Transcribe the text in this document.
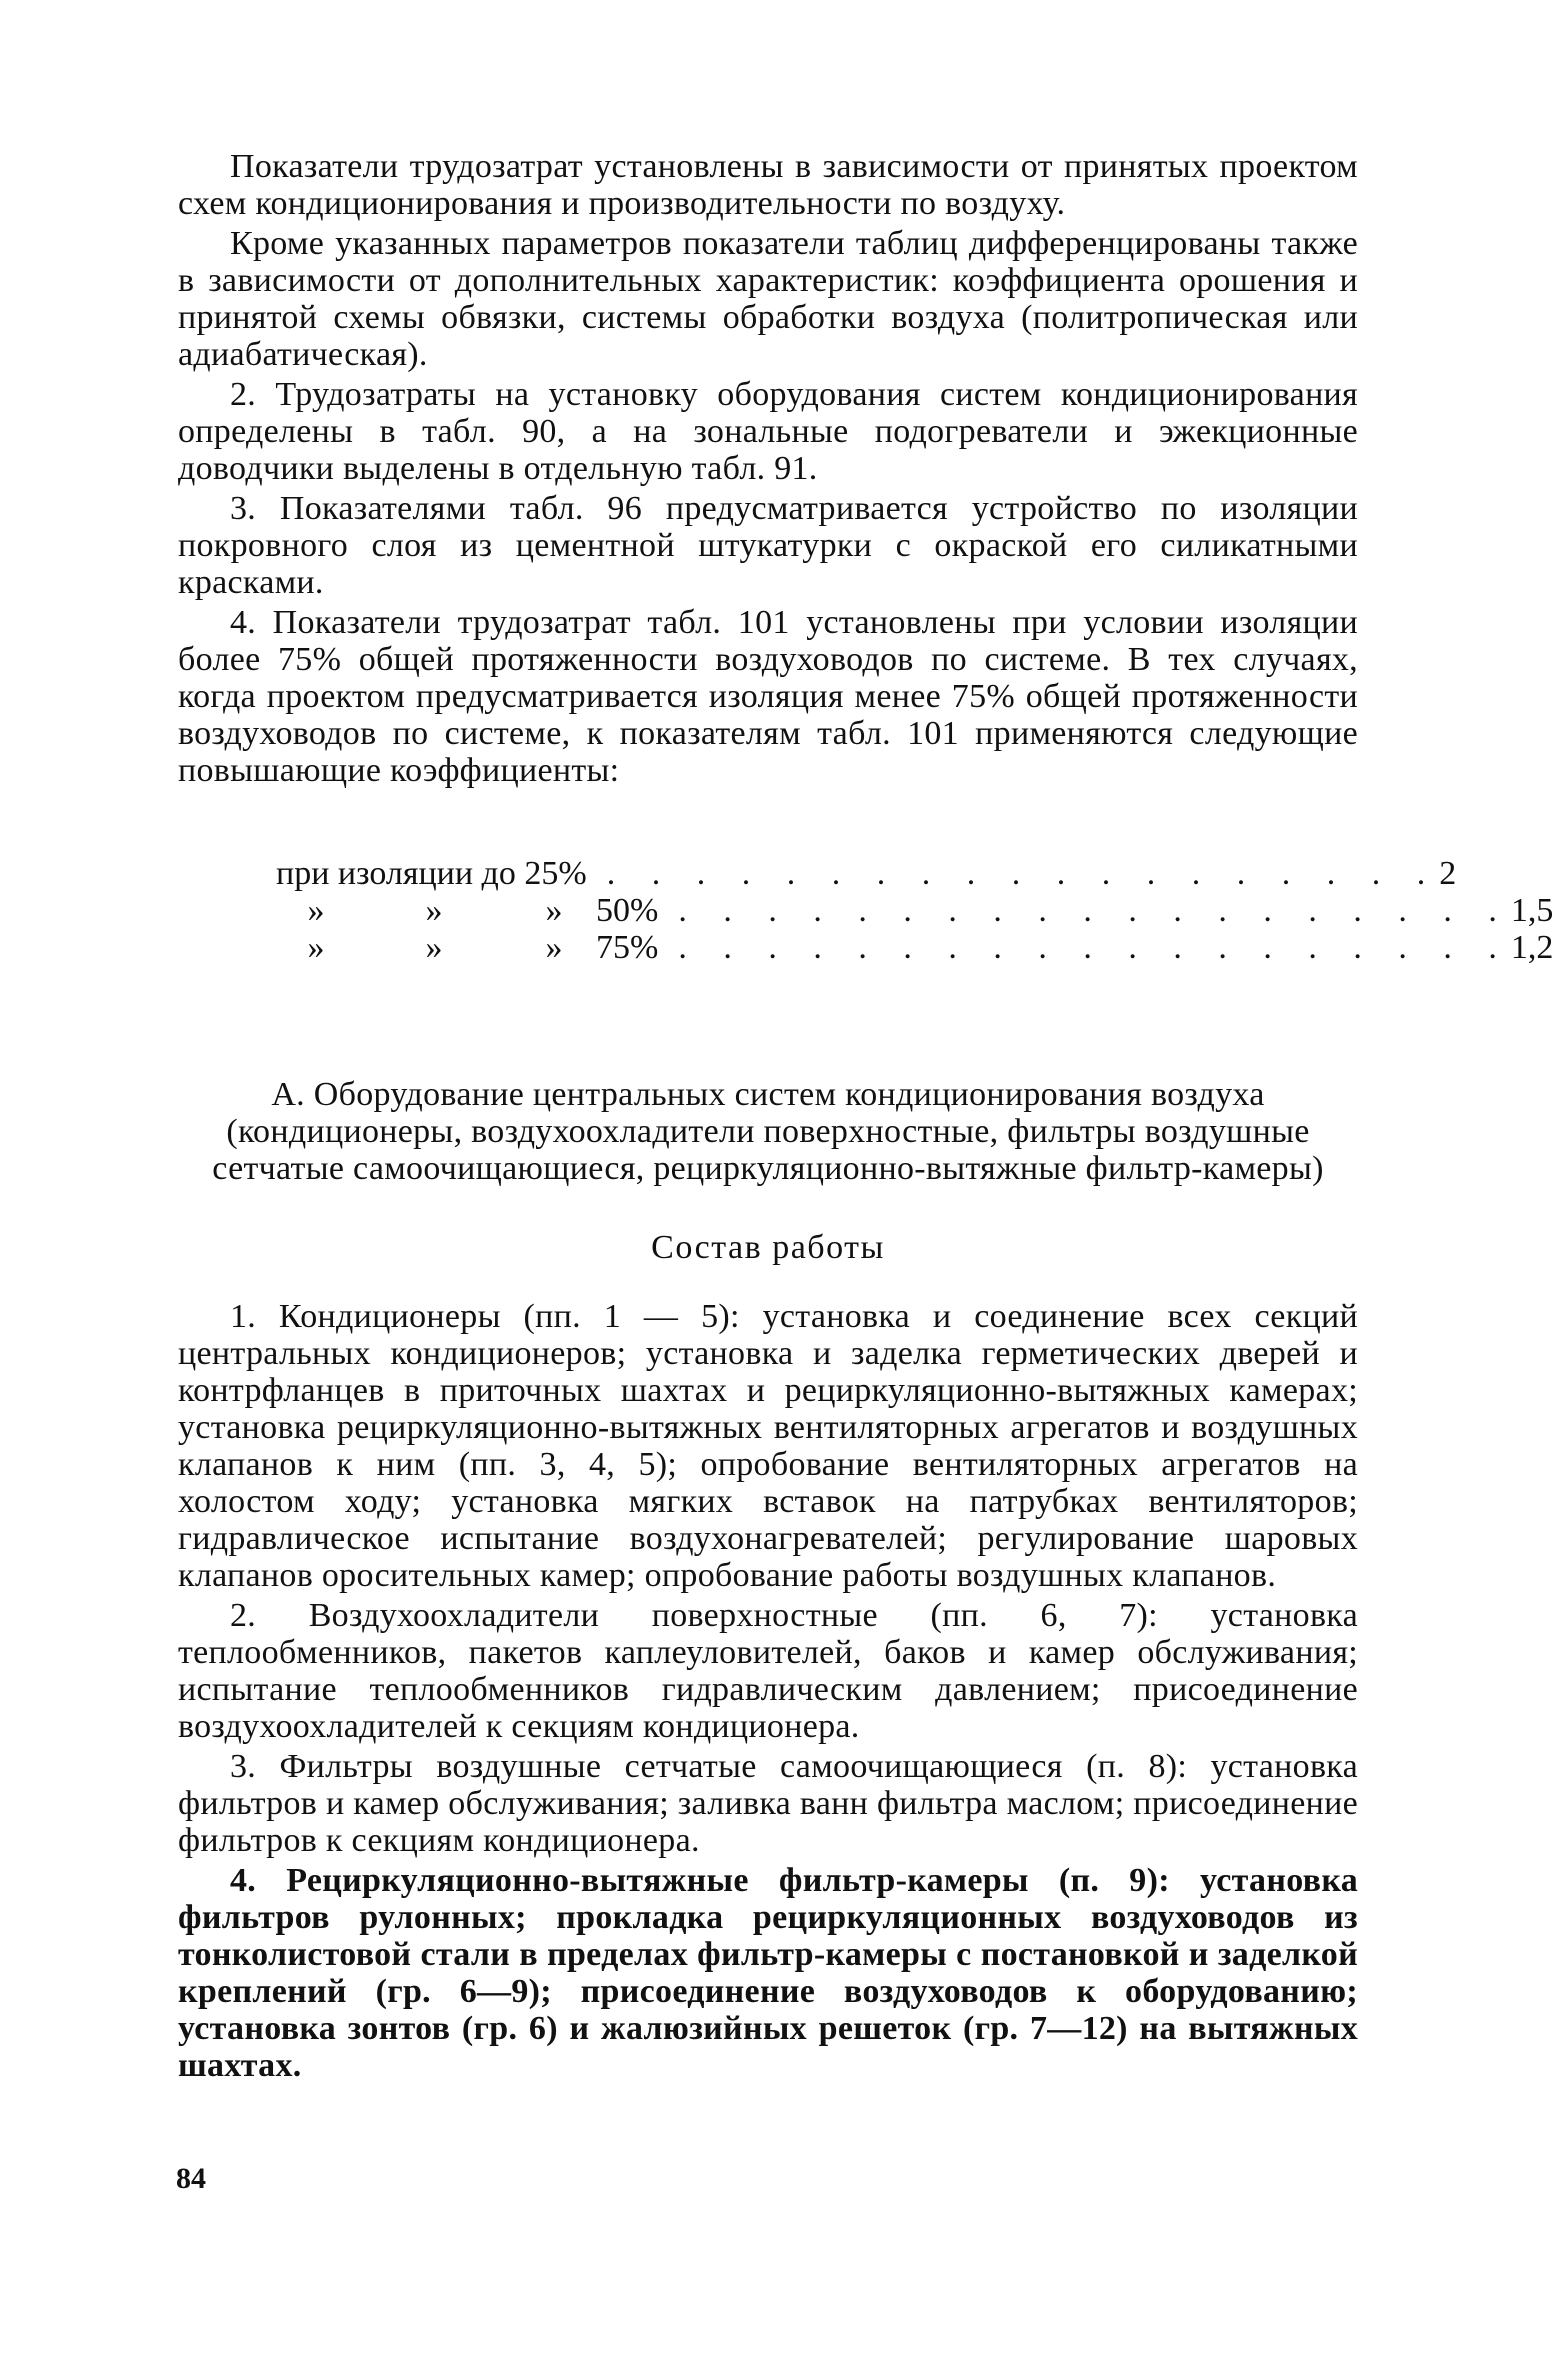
Показатели трудозатрат установлены в зависимости от принятых проектом схем кондиционирования и производительности по воздуху.

Кроме указанных параметров показатели таблиц дифференцированы также в зависимости от дополнительных характеристик: коэффициента орошения и принятой схемы обвязки, системы обработки воздуха (политропическая или адиабатическая).

2. Трудозатраты на установку оборудования систем кондиционирования определены в табл. 90, а на зональные подогреватели и эжекционные доводчики выделены в отдельную табл. 91.

3. Показателями табл. 96 предусматривается устройство по изоляции покровного слоя из цементной штукатурки с окраской его силикатными красками.

4. Показатели трудозатрат табл. 101 установлены при условии изоляции более 75% общей протяженности воздуховодов по системе. В тех случаях, когда проектом предусматривается изоляция менее 75% общей протяженности воздуховодов по системе, к показателям табл. 101 применяются следующие повышающие коэффициенты:

при изоляции до 25% . . . . . . . . . . . . . . . . . . . 2
»	»	» 50% . . . . . . . . . . . . . . . . . . . 1,5
»	»	» 75% . . . . . . . . . . . . . . . . . . . 1,2
А. Оборудование центральных систем кондиционирования воздуха (кондиционеры, воздухоохладители поверхностные, фильтры воздушные сетчатые самоочищающиеся, рециркуляционно-вытяжные фильтр-камеры)
Состав работы

1. Кондиционеры (пп. 1 — 5): установка и соединение всех секций центральных кондиционеров; установка и заделка герметических дверей и контрфланцев в приточных шахтах и рециркуляционно-вытяжных камерах; установка рециркуляционно-вытяжных вентиляторных агрегатов и воздушных клапанов к ним (пп. 3, 4, 5); опробование вентиляторных агрегатов на холостом ходу; установка мягких вставок на патрубках вентиляторов; гидравлическое испытание воздухонагревателей; регулирование шаровых клапанов оросительных камер; опробование работы воздушных клапанов.

2. Воздухоохладители поверхностные (пп. 6, 7): установка теплообменников, пакетов каплеуловителей, баков и камер обслуживания; испытание теплообменников гидравлическим давлением; присоединение воздухоохладителей к секциям кондиционера.

3. Фильтры воздушные сетчатые самоочищающиеся (п. 8): установка фильтров и камер обслуживания; заливка ванн фильтра маслом; присоединение фильтров к секциям кондиционера.

4. Рециркуляционно-вытяжные фильтр-камеры (п. 9): установка фильтров рулонных; прокладка рециркуляционных воздуховодов из тонколистовой стали в пределах фильтр-камеры с постановкой и заделкой креплений (гр. 6—9); присоединение воздуховодов к оборудованию; установка зонтов (гр. 6) и жалюзийных решеток (гр. 7—12) на вытяжных шахтах.

84
